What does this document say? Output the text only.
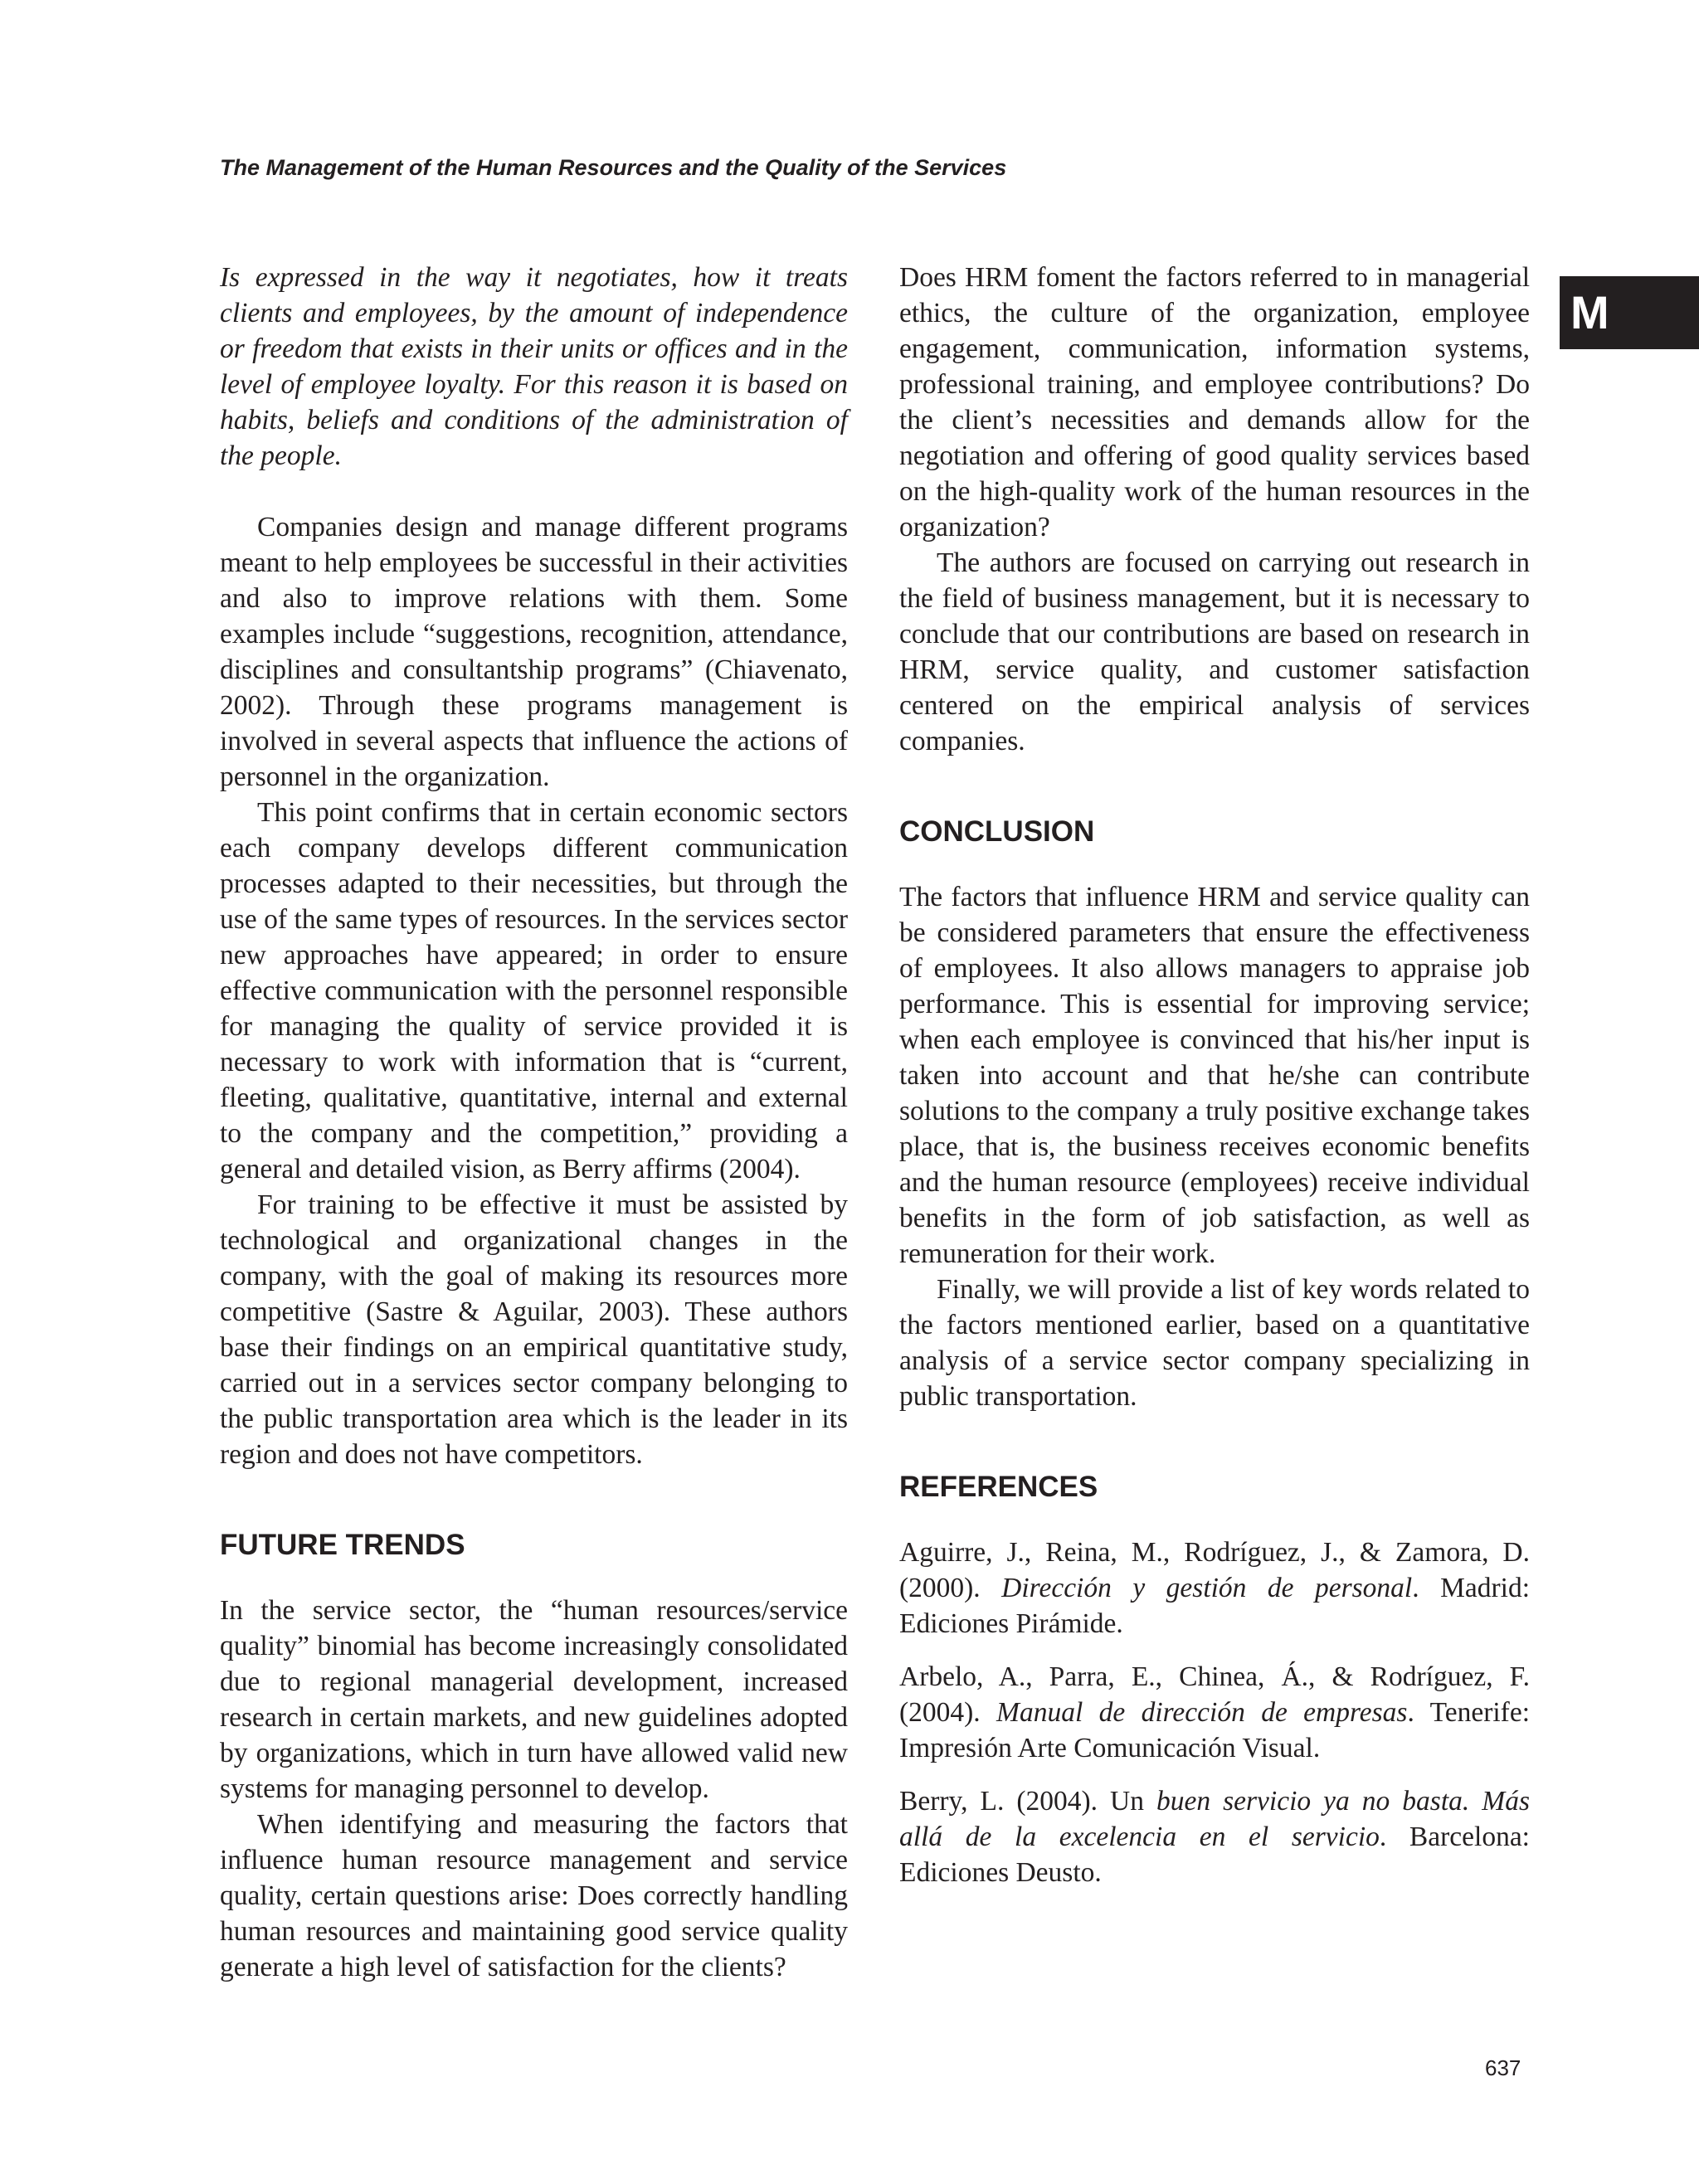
The Management of the Human Resources and the Quality of the Services
M

Is expressed in the way it negotiates, how it treats clients and employees, by the amount of independence or freedom that exists in their units or offices and in the level of employee loyalty. For this reason it is based on habits, beliefs and conditions of the administration of the people.

Companies design and manage different programs meant to help employees be successful in their activities and also to improve relations with them. Some examples include “suggestions, recognition, attendance, disciplines and consultantship programs” (Chiavenato, 2002). Through these programs management is involved in several aspects that influence the actions of personnel in the organization.

This point confirms that in certain economic sectors each company develops different communication processes adapted to their necessities, but through the use of the same types of resources. In the services sector new approaches have appeared; in order to ensure effective communication with the personnel responsible for managing the quality of service provided it is necessary to work with information that is “current, fleeting, qualitative, quantitative, internal and external to the company and the competition,” providing a general and detailed vision, as Berry affirms (2004).

For training to be effective it must be assisted by technological and organizational changes in the company, with the goal of making its resources more competitive (Sastre & Aguilar, 2003). These authors base their findings on an empirical quantitative study, carried out in a services sector company belonging to the public transportation area which is the leader in its region and does not have competitors.

FUTURE TRENDS

In the service sector, the “human resources/service quality” binomial has become increasingly consolidated due to regional managerial development, increased research in certain markets, and new guidelines adopted by organizations, which in turn have allowed valid new systems for managing personnel to develop.

When identifying and measuring the factors that influence human resource management and service quality, certain questions arise: Does correctly handling human resources and maintaining good service quality generate a high level of satisfaction for the clients?

Does HRM foment the factors referred to in managerial ethics, the culture of the organization, employee engagement, communication, information systems, professional training, and employee contributions? Do the client’s necessities and demands allow for the negotiation and offering of good quality services based on the high-quality work of the human resources in the organization?

The authors are focused on carrying out research in the field of business management, but it is necessary to conclude that our contributions are based on research in HRM, service quality, and customer satisfaction centered on the empirical analysis of services companies.

CONCLUSION

The factors that influence HRM and service quality can be considered parameters that ensure the effectiveness of employees. It also allows managers to appraise job performance. This is essential for improving service; when each employee is convinced that his/her input is taken into account and that he/she can contribute solutions to the company a truly positive exchange takes place, that is, the business receives economic benefits and the human resource (employees) receive individual benefits in the form of job satisfaction, as well as remuneration for their work.

Finally, we will provide a list of key words related to the factors mentioned earlier, based on a quantitative analysis of a service sector company specializing in public transportation.

REFERENCES

Aguirre, J., Reina, M., Rodríguez, J., & Zamora, D. (2000). Dirección y gestión de personal. Madrid: Ediciones Pirámide.

Arbelo, A., Parra, E., Chinea, Á., & Rodríguez, F. (2004). Manual de dirección de empresas. Tenerife: Impresión Arte Comunicación Visual.

Berry, L. (2004). Un buen servicio ya no basta. Más allá de la excelencia en el servicio. Barcelona: Ediciones Deusto.

637
